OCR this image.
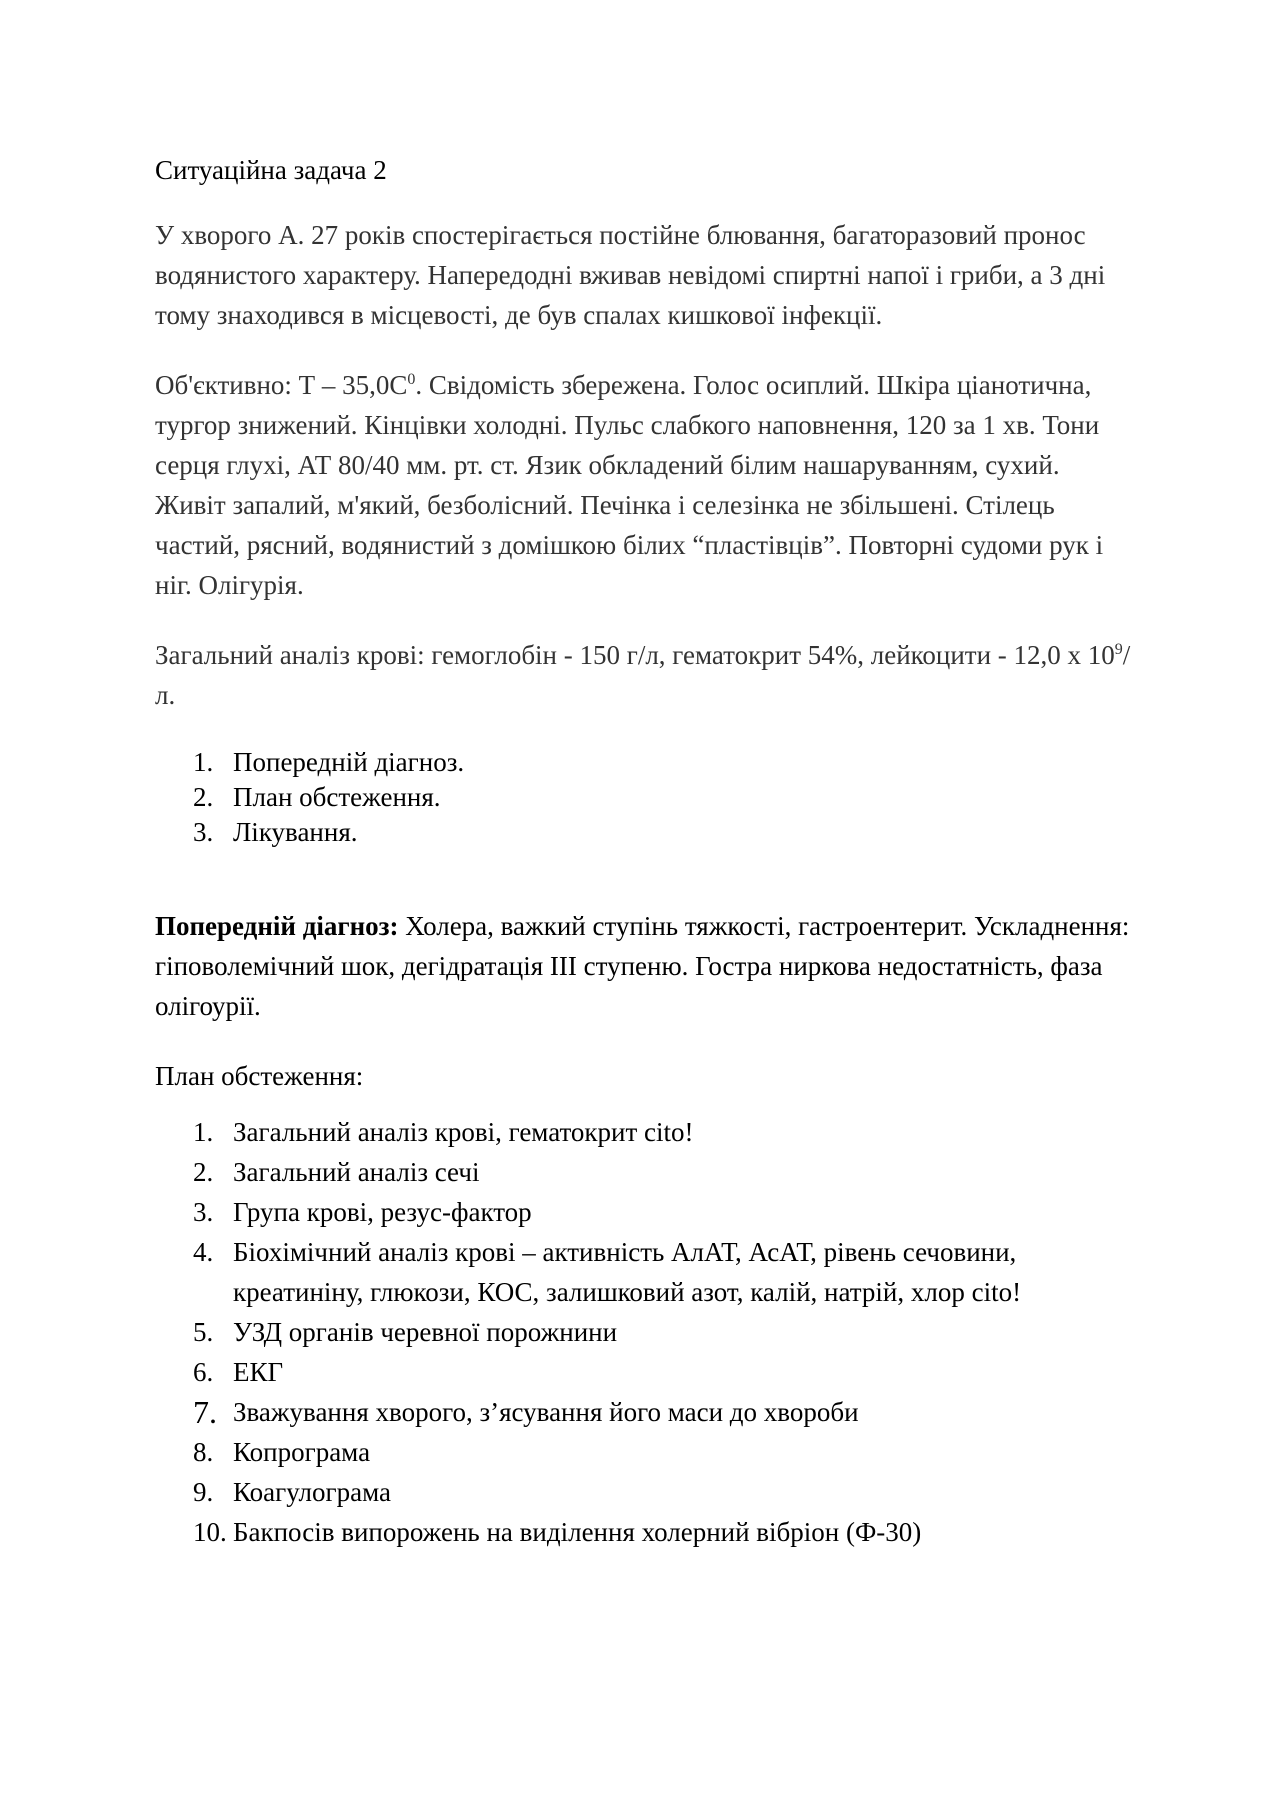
Ситуаційна задача 2

У хворого А. 27 років спостерігається постійне блювання, багаторазовий пронос водянистого характеру. Напередодні вживав невідомі спиртні напої і гриби, а 3 дні тому знаходився в місцевості, де був спалах кишкової інфекції.

Об'єктивно: Т – $35,0С^0$. Свідомість збережена. Голос осиплий. Шкіра ціанотична, тургор знижений. Кінцівки холодні. Пульс слабкого наповнення, 120 за 1 хв. Тони серця глухі, АТ 80/40 мм. рт. ст. Язик обкладений білим нашаруванням, сухий. Живіт запалий, м'який, безболісний. Печінка і селезінка не збільшені. Стілець частий, рясний, водянистий з домішкою білих “пластівців”. Повторні судоми рук і ніг. Олігурія.

Загальний аналіз крові: гемоглобін - 150 г/л, гематокрит 54%, лейкоцити - 12,0 х $10^9/л$.

1. Попередній діагноз.
2. План обстеження.
3. Лікування.

Попередній діагноз: Холера, важкий ступінь тяжкості, гастроентерит. Ускладнення: гіповолемічний шок, дегідратація ІІІ ступеню. Гостра ниркова недостатність, фаза олігоурії.

План обстеження:

1. Загальний аналіз крові, гематокрит cito!
2. Загальний аналіз сечі
3. Група крові, резус-фактор
4. Біохімічний аналіз крові – активність АлАТ, АсАТ, рівень сечовини, креатиніну, глюкози, КОС, залишковий азот, калій, натрій, хлор cito!
5. УЗД органів черевної порожнини
6. ЕКГ
7. Зважування хворого, з’ясування його маси до хвороби
8. Копрограма
9. Коагулограма
10. Бакпосів випорожень на виділення холерний вібріон (Ф-30)
